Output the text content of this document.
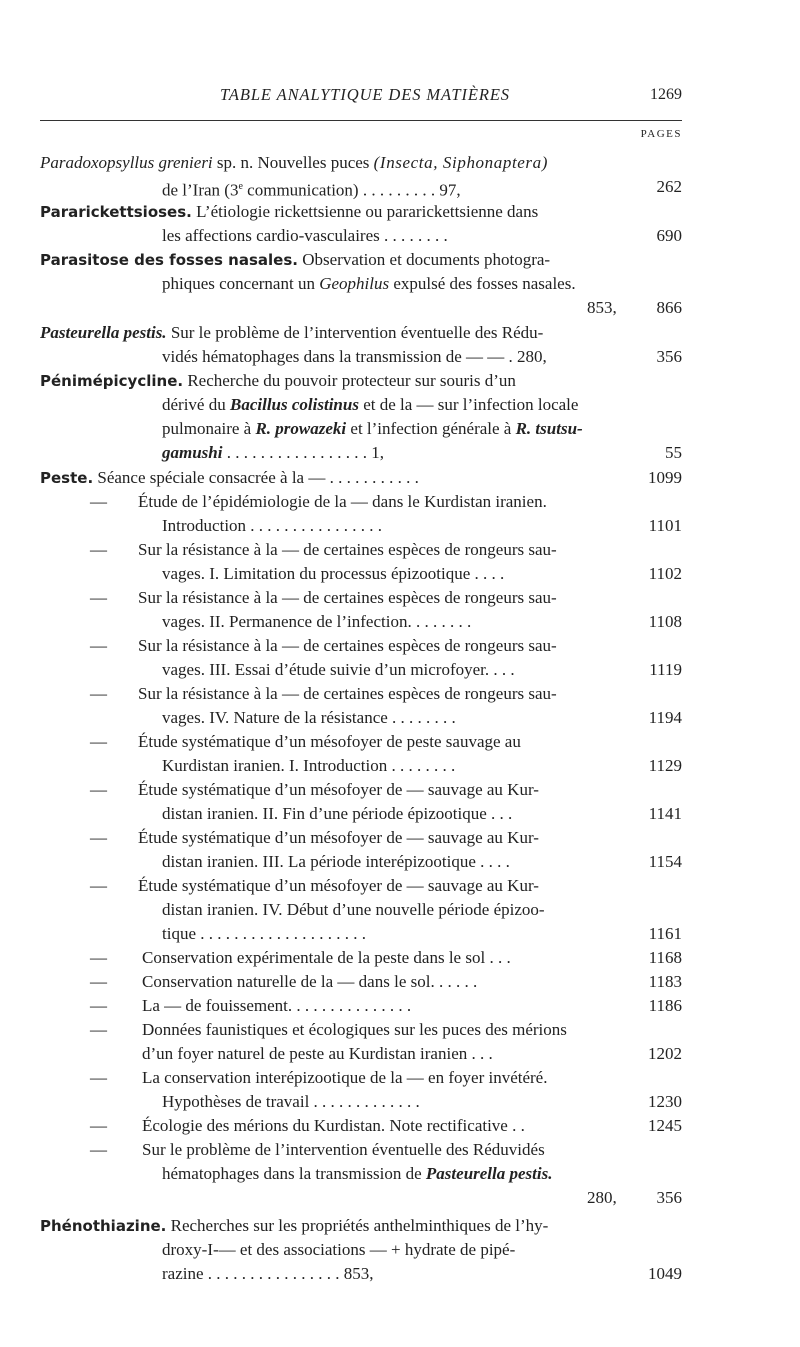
TABLE ANALYTIQUE DES MATIÈRES	1269
PAGES
Paradoxopsyllus grenieri sp. n. Nouvelles puces (Insecta, Siphonaptera)
de l’Iran (3e communication) . . . . . . . . . 97,	262
Pararickettsioses. L’étiologie rickettsienne ou pararickettsienne dans
les affections cardio-vasculaires . . . . . . . .	690
Parasitose des fosses nasales. Observation et documents photogra-
phiques concernant un Geophilus expulsé des fosses nasales.
853, 866
Pasteurella pestis. Sur le problème de l’intervention éventuelle des Rédu-
vidés hématophages dans la transmission de — — . 280,	356
Pénimépicycline. Recherche du pouvoir protecteur sur souris d’un
dérivé du Bacillus colistinus et de la — sur l’infection locale
pulmonaire à R. prowazeki et l’infection générale à R. tsutsu-
gamushi . . . . . . . . . . . . . . . . . 1,	55
Peste. Séance spéciale consacrée à la — . . . . . . . . . . .	1099
— Étude de l’épidémiologie de la — dans le Kurdistan iranien.
Introduction . . . . . . . . . . . . . . . .	1101
— Sur la résistance à la — de certaines espèces de rongeurs sau-
vages. I. Limitation du processus épizootique . . . .	1102
— Sur la résistance à la — de certaines espèces de rongeurs sau-
vages. II. Permanence de l’infection. . . . . . . .	1108
— Sur la résistance à la — de certaines espèces de rongeurs sau-
vages. III. Essai d’étude suivie d’un microfoyer. . . .	1119
— Sur la résistance à la — de certaines espèces de rongeurs sau-
vages. IV. Nature de la résistance . . . . . . . .	1194
— Étude systématique d’un mésofoyer de peste sauvage au
Kurdistan iranien. I. Introduction . . . . . . . .	1129
— Étude systématique d’un mésofoyer de — sauvage au Kur-
distan iranien. II. Fin d’une période épizootique . . .	1141
— Étude systématique d’un mésofoyer de — sauvage au Kur-
distan iranien. III. La période interépizootique . . . .	1154
— Étude systématique d’un mésofoyer de — sauvage au Kur-
distan iranien. IV. Début d’une nouvelle période épizoo-
tique . . . . . . . . . . . . . . . . . . . .	1161
— Conservation expérimentale de la peste dans le sol . . .	1168
— Conservation naturelle de la — dans le sol. . . . . .	1183
— La — de fouissement. . . . . . . . . . . . . . .	1186
— Données faunistiques et écologiques sur les puces des mérions
d’un foyer naturel de peste au Kurdistan iranien . . .	1202
— La conservation interépizootique de la — en foyer invétéré.
Hypothèses de travail . . . . . . . . . . . . .	1230
— Écologie des mérions du Kurdistan. Note rectificative . .	1245
— Sur le problème de l’intervention éventuelle des Réduvidés
hématophages dans la transmission de Pasteurella pestis.
280, 356
Phénothiazine. Recherches sur les propriétés anthelminthiques de l’hy-
droxy-I-— et des associations — + hydrate de pipé-
razine . . . . . . . . . . . . . . . . 853,	1049
